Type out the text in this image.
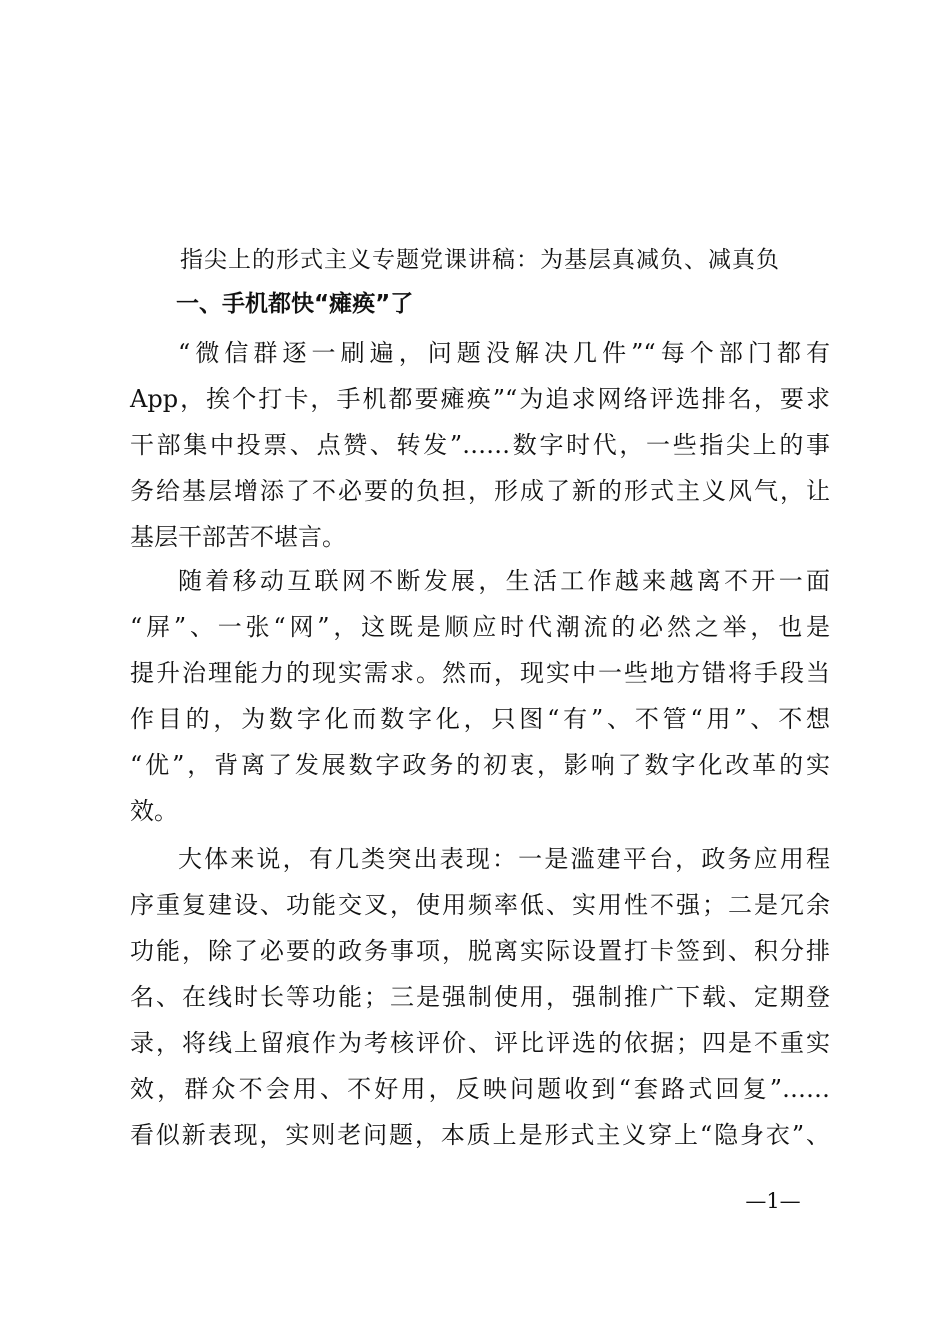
指尖上的形式主义专题党课讲稿：为基层真减负、减真负
一、手机都快“瘫痪”了
“微信群逐一刷遍，问题没解决几件”“每个部门都有
App，挨个打卡，手机都要瘫痪”“为追求网络评选排名，要求
干部集中投票、点赞、转发”……数字时代，一些指尖上的事
务给基层增添了不必要的负担，形成了新的形式主义风气，让
基层干部苦不堪言。
随着移动互联网不断发展，生活工作越来越离不开一面
“屏”、一张“网”，这既是顺应时代潮流的必然之举，也是
提升治理能力的现实需求。然而，现实中一些地方错将手段当
作目的，为数字化而数字化，只图“有”、不管“用”、不想
“优”，背离了发展数字政务的初衷，影响了数字化改革的实
效。
大体来说，有几类突出表现：一是滥建平台，政务应用程
序重复建设、功能交叉，使用频率低、实用性不强；二是冗余
功能，除了必要的政务事项，脱离实际设置打卡签到、积分排
名、在线时长等功能；三是强制使用，强制推广下载、定期登
录，将线上留痕作为考核评价、评比评选的依据；四是不重实
效，群众不会用、不好用，反映问题收到“套路式回复”……
看似新表现，实则老问题，本质上是形式主义穿上“隐身衣”、
—1—
